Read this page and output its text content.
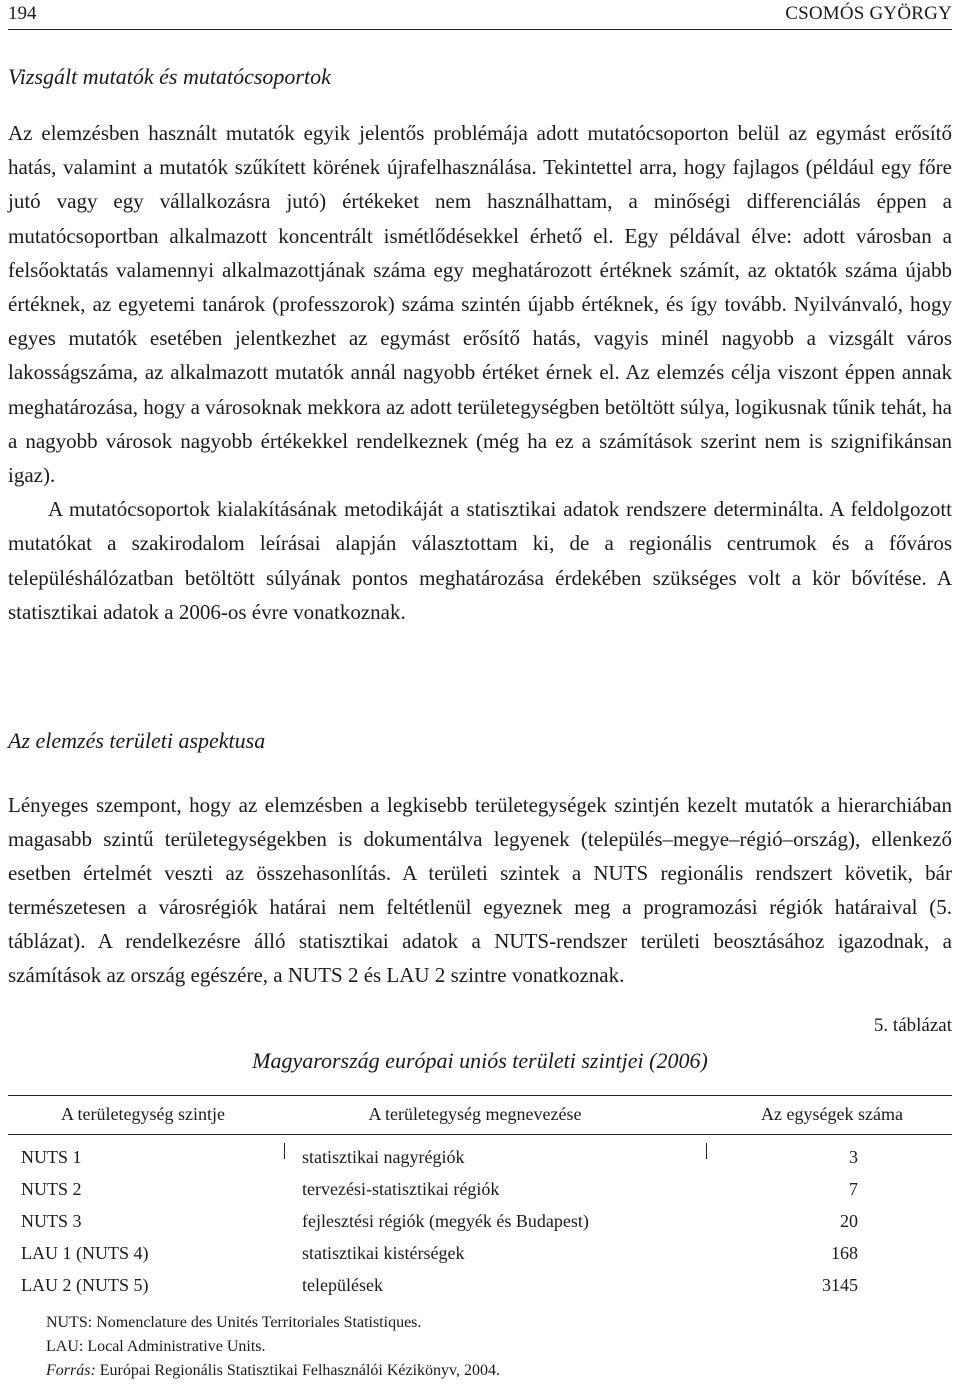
194	CSOMÓS GYÖRGY
Vizsgált mutatók és mutatócsoportok

Az elemzésben használt mutatók egyik jelentős problémája adott mutatócsoporton belül az egymást erősítő hatás, valamint a mutatók szűkített körének újrafelhasználása. Tekintettel arra, hogy fajlagos (például egy főre jutó vagy egy vállalkozásra jutó) értékeket nem használhattam, a minőségi differenciálás éppen a mutatócsoportban alkalmazott koncentrált ismétlődésekkel érhető el. Egy példával élve: adott városban a felsőoktatás valamennyi alkalmazottjának száma egy meghatározott értéknek számít, az oktatók száma újabb értéknek, az egyetemi tanárok (professzorok) száma szintén újabb értéknek, és így tovább. Nyilvánvaló, hogy egyes mutatók esetében jelentkezhet az egymást erősítő hatás, vagyis minél nagyobb a vizsgált város lakosságszáma, az alkalmazott mutatók annál nagyobb értéket érnek el. Az elemzés célja viszont éppen annak meghatározása, hogy a városoknak mekkora az adott területegységben betöltött súlya, logikusnak tűnik tehát, ha a nagyobb városok nagyobb értékekkel rendelkeznek (még ha ez a számítások szerint nem is szignifikánsan igaz).

A mutatócsoportok kialakításának metodikáját a statisztikai adatok rendszere determinálta. A feldolgozott mutatókat a szakirodalom leírásai alapján választottam ki, de a regionális centrumok és a főváros településhálózatban betöltött súlyának pontos meghatározása érdekében szükséges volt a kör bővítése. A statisztikai adatok a 2006-os évre vonatkoznak.

Az elemzés területi aspektusa

Lényeges szempont, hogy az elemzésben a legkisebb területegységek szintjén kezelt mutatók a hierarchiában magasabb szintű területegységekben is dokumentálva legyenek (település–megye–régió–ország), ellenkező esetben értelmét veszti az összehasonlítás. A területi szintek a NUTS regionális rendszert követik, bár természetesen a városrégiók határai nem feltétlenül egyeznek meg a programozási régiók határaival (5. táblázat). A rendelkezésre álló statisztikai adatok a NUTS-rendszer területi beosztásához igazodnak, a számítások az ország egészére, a NUTS 2 és LAU 2 szintre vonatkoznak.

5. táblázat
Magyarország európai uniós területi szintjei (2006)
A területegység szintje	A területegység megnevezése	Az egységek száma
NUTS 1	statisztikai nagyrégiók	3
NUTS 2	tervezési-statisztikai régiók	7
NUTS 3	fejlesztési régiók (megyék és Budapest)	20
LAU 1 (NUTS 4)	statisztikai kistérségek	168
LAU 2 (NUTS 5)	települések	3145
NUTS: Nomenclature des Unités Territoriales Statistiques.
LAU: Local Administrative Units.
Forrás: Európai Regionális Statisztikai Felhasználói Kézikönyv, 2004.
